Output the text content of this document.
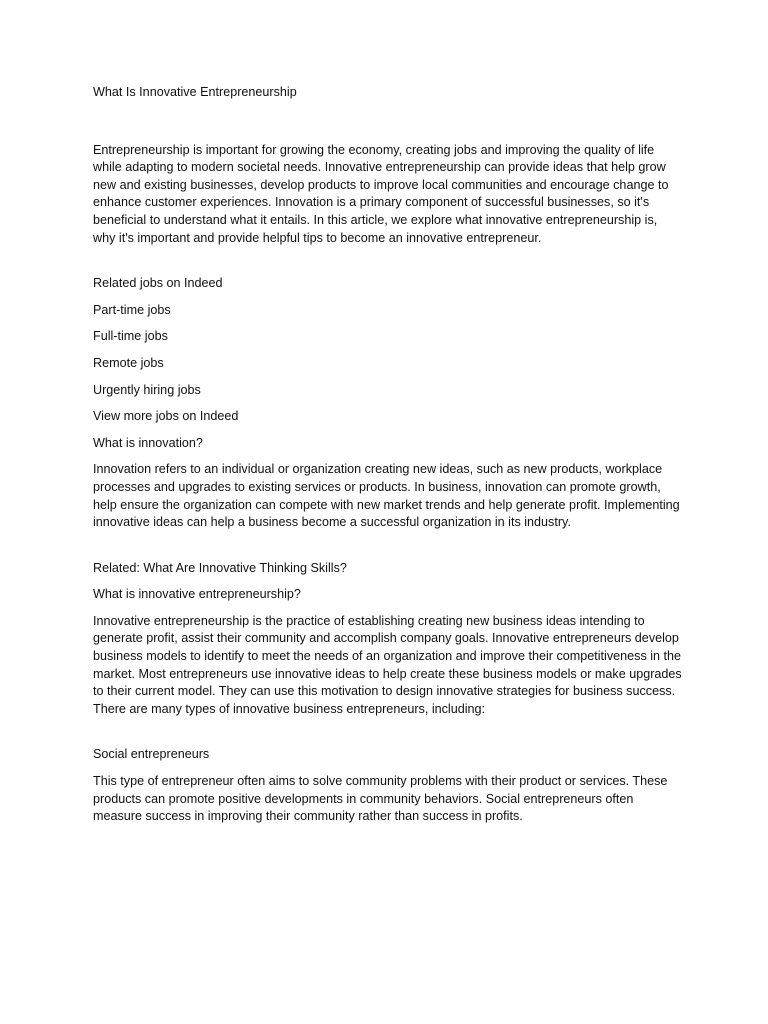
What Is Innovative Entrepreneurship

Entrepreneurship is important for growing the economy, creating jobs and improving the quality of life while adapting to modern societal needs. Innovative entrepreneurship can provide ideas that help grow new and existing businesses, develop products to improve local communities and encourage change to enhance customer experiences. Innovation is a primary component of successful businesses, so it's beneficial to understand what it entails. In this article, we explore what innovative entrepreneurship is, why it's important and provide helpful tips to become an innovative entrepreneur.

Related jobs on Indeed

Part-time jobs

Full-time jobs

Remote jobs

Urgently hiring jobs

View more jobs on Indeed

What is innovation?

Innovation refers to an individual or organization creating new ideas, such as new products, workplace processes and upgrades to existing services or products. In business, innovation can promote growth, help ensure the organization can compete with new market trends and help generate profit. Implementing innovative ideas can help a business become a successful organization in its industry.

Related: What Are Innovative Thinking Skills?

What is innovative entrepreneurship?

Innovative entrepreneurship is the practice of establishing creating new business ideas intending to generate profit, assist their community and accomplish company goals. Innovative entrepreneurs develop business models to identify to meet the needs of an organization and improve their competitiveness in the market. Most entrepreneurs use innovative ideas to help create these business models or make upgrades to their current model. They can use this motivation to design innovative strategies for business success. There are many types of innovative business entrepreneurs, including:

Social entrepreneurs

This type of entrepreneur often aims to solve community problems with their product or services. These products can promote positive developments in community behaviors. Social entrepreneurs often measure success in improving their community rather than success in profits.
